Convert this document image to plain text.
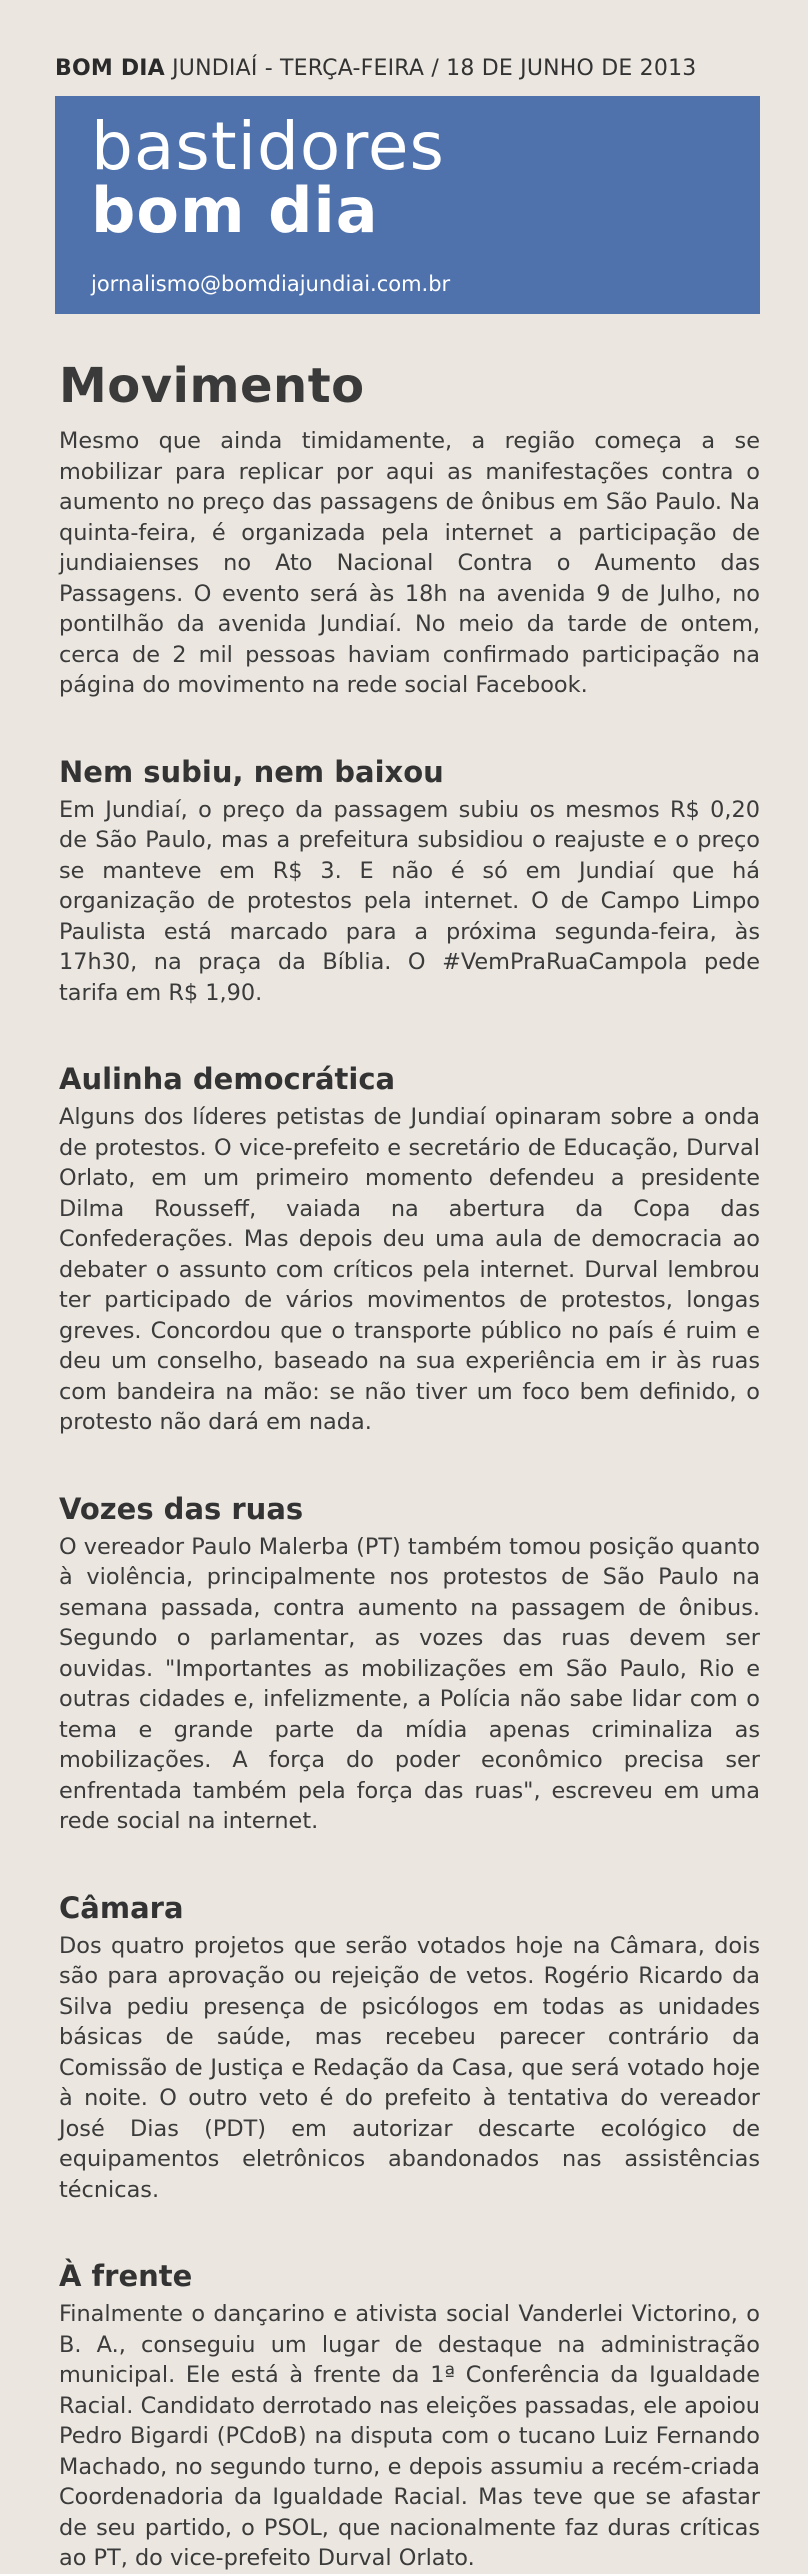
BOM DIA JUNDIAÍ - TERÇA-FEIRA / 18 DE JUNHO DE 2013
bastidores
bom dia
jornalismo@bomdiajundiai.com.br
Movimento

Mesmo que ainda timidamente, a região começa a se mobilizar para replicar por aqui as manifestações contra o aumento no preço das passagens de ônibus em São Paulo. Na quinta-feira, é organizada pela internet a participação de jundiaienses no Ato Nacional Contra o Aumento das Passagens. O evento será às 18h na avenida 9 de Julho, no pontilhão da avenida Jundiaí. No meio da tarde de ontem, cerca de 2 mil pessoas haviam confirmado participação na página do movimento na rede social Facebook.

Nem subiu, nem baixou

Em Jundiaí, o preço da passagem subiu os mesmos R$ 0,20 de São Paulo, mas a prefeitura subsidiou o reajuste e o preço se manteve em R$ 3. E não é só em Jundiaí que há organização de protestos pela internet. O de Campo Limpo Paulista está marcado para a próxima segunda-feira, às 17h30, na praça da Bíblia. O #VemPraRuaCampola pede tarifa em R$ 1,90.

Aulinha democrática

Alguns dos líderes petistas de Jundiaí opinaram sobre a onda de protestos. O vice-prefeito e secretário de Educação, Durval Orlato, em um primeiro momento defendeu a presidente Dilma Rousseff, vaiada na abertura da Copa das Confederações. Mas depois deu uma aula de democracia ao debater o assunto com críticos pela internet. Durval lembrou ter participado de vários movimentos de protestos, longas greves. Concordou que o transporte público no país é ruim e deu um conselho, baseado na sua experiência em ir às ruas com bandeira na mão: se não tiver um foco bem definido, o protesto não dará em nada.

Vozes das ruas

O vereador Paulo Malerba (PT) também tomou posição quanto à violência, principalmente nos protestos de São Paulo na semana passada, contra aumento na passagem de ônibus. Segundo o parlamentar, as vozes das ruas devem ser ouvidas. "Importantes as mobilizações em São Paulo, Rio e outras cidades e, infelizmente, a Polícia não sabe lidar com o tema e grande parte da mídia apenas criminaliza as mobilizações. A força do poder econômico precisa ser enfrentada também pela força das ruas", escreveu em uma rede social na internet.

Câmara

Dos quatro projetos que serão votados hoje na Câmara, dois são para aprovação ou rejeição de vetos. Rogério Ricardo da Silva pediu presença de psicólogos em todas as unidades básicas de saúde, mas recebeu parecer contrário da Comissão de Justiça e Redação da Casa, que será votado hoje à noite. O outro veto é do prefeito à tentativa do vereador José Dias (PDT) em autorizar descarte ecológico de equipamentos eletrônicos abandonados nas assistências técnicas.

À frente

Finalmente o dançarino e ativista social Vanderlei Victorino, o B. A., conseguiu um lugar de destaque na administração municipal. Ele está à frente da 1ª Conferência da Igualdade Racial. Candidato derrotado nas eleições passadas, ele apoiou Pedro Bigardi (PCdoB) na disputa com o tucano Luiz Fernando Machado, no segundo turno, e depois assumiu a recém-criada Coordenadoria da Igualdade Racial. Mas teve que se afastar de seu partido, o PSOL, que nacionalmente faz duras críticas ao PT, do vice-prefeito Durval Orlato.
